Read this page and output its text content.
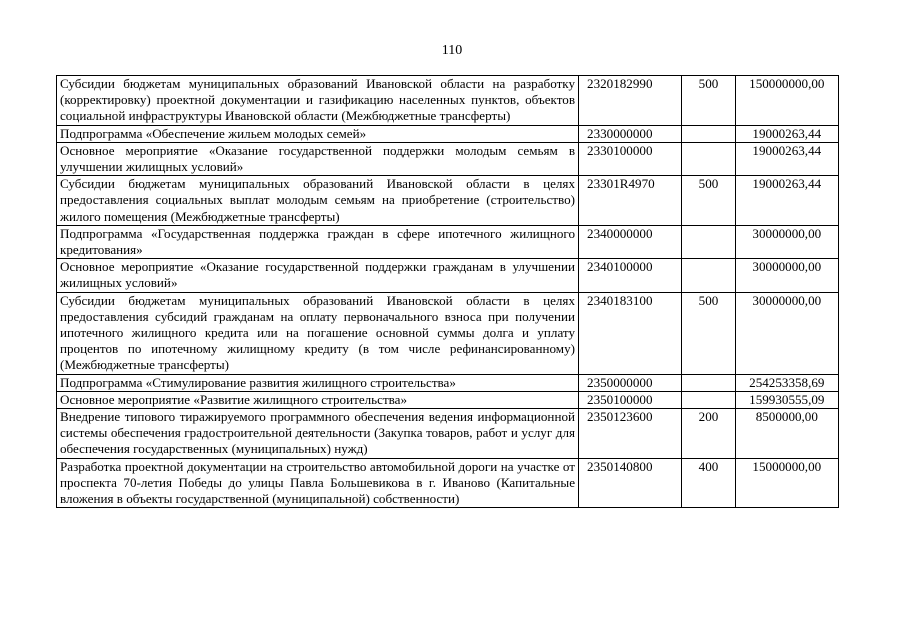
110
Субсидии бюджетам муниципальных образований Ивановской области на разработку (корректировку) проектной документации и газификацию населенных пунктов, объектов социальной инфраструктуры Ивановской области (Межбюджетные трансферты)	2320182990	500	150000000,00
Подпрограмма «Обеспечение жильем молодых семей»	2330000000		19000263,44
Основное мероприятие «Оказание государственной поддержки молодым семьям в улучшении жилищных условий»	2330100000		19000263,44
Субсидии бюджетам муниципальных образований Ивановской области в целях предоставления социальных выплат молодым семьям на приобретение (строительство) жилого помещения (Межбюджетные трансферты)	23301R4970	500	19000263,44
Подпрограмма «Государственная поддержка граждан в сфере ипотечного жилищного кредитования»	2340000000		30000000,00
Основное мероприятие «Оказание государственной поддержки гражданам в улучшении жилищных условий»	2340100000		30000000,00
Субсидии бюджетам муниципальных образований Ивановской области в целях предоставления субсидий гражданам на оплату первоначального взноса при получении ипотечного жилищного кредита или на погашение основной суммы долга и уплату процентов по ипотечному жилищному кредиту (в том числе рефинансированному) (Межбюджетные трансферты)	2340183100	500	30000000,00
Подпрограмма «Стимулирование развития жилищного строительства»	2350000000		254253358,69
Основное мероприятие «Развитие жилищного строительства»	2350100000		159930555,09
Внедрение типового тиражируемого программного обеспечения ведения информационной системы обеспечения градостроительной деятельности (Закупка товаров, работ и услуг для обеспечения государственных (муниципальных) нужд)	2350123600	200	8500000,00
Разработка проектной документации на строительство автомобильной дороги на участке от проспекта 70-летия Победы до улицы Павла Большевикова в г. Иваново (Капитальные вложения в объекты государственной (муниципальной) собственности)	2350140800	400	15000000,00
